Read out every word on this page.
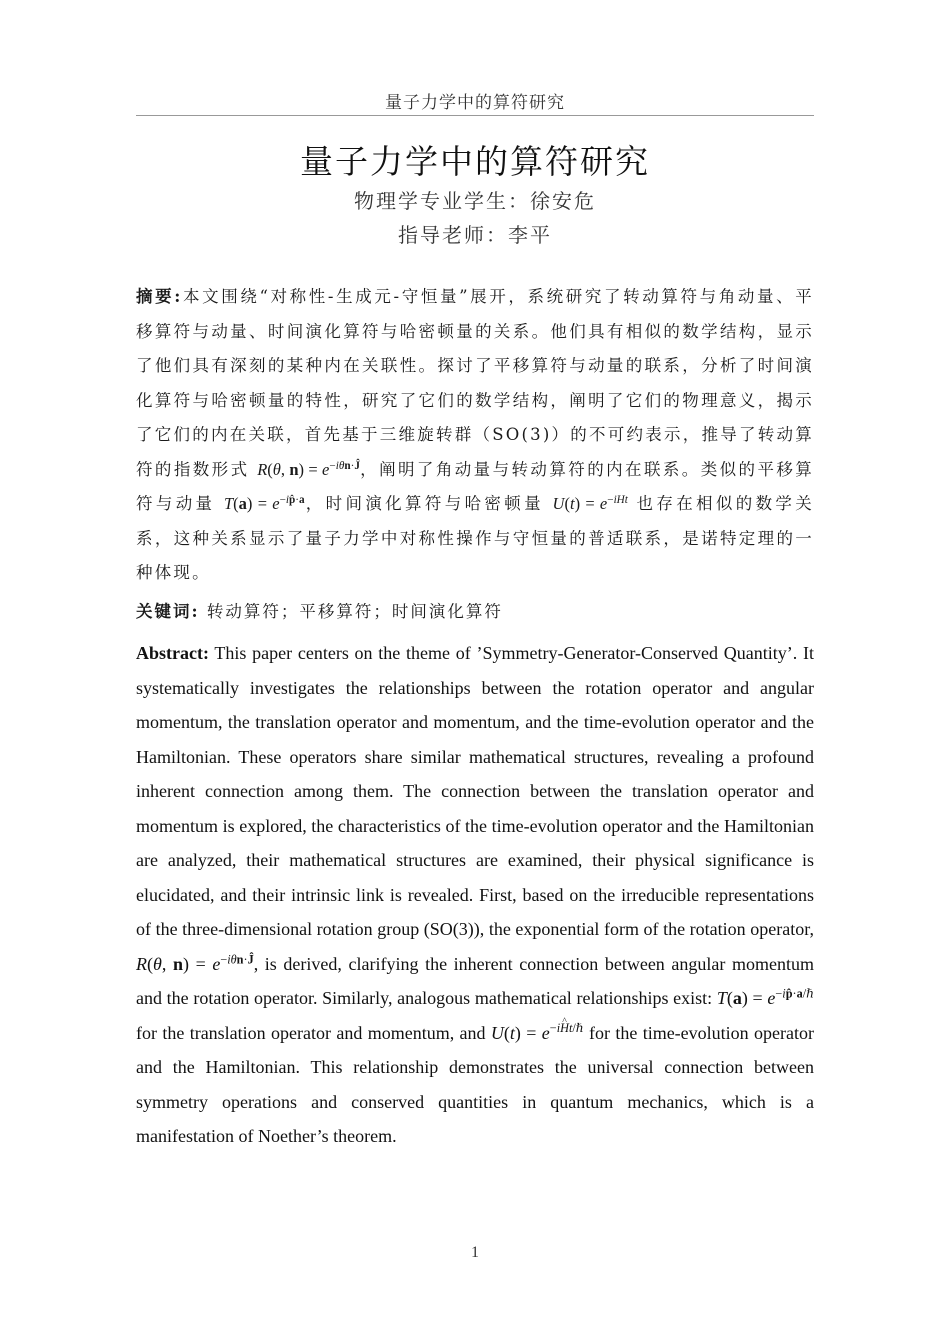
量子力学中的算符研究
量子力学中的算符研究
物理学专业学生：徐安危
指导老师：李平
摘要:本文围绕“对称性-生成元-守恒量”展开，系统研究了转动算符与角动量、平移算符与动量、时间演化算符与哈密顿量的关系。他们具有相似的数学结构，显示了他们具有深刻的某种内在关联性。探讨了平移算符与动量的联系，分析了时间演化算符与哈密顿量的特性，研究了它们的数学结构，阐明了它们的物理意义，揭示了它们的内在关联，首先基于三维旋转群（SO(3)）的不可约表示，推导了转动算符的指数形式 R(θ, $n) = e^{-i\theta n\cdot Ĵ}$，阐明了角动量与转动算符的内在联系。类似的平移算符与动量 $T(a) = e^{-ip̂\cdot a}$，时间演化算符与哈密顿量 $U(t) = e^{-iHt}$ 也存在相似的数学关系，这种关系显示了量子力学中对称性操作与守恒量的普适联系，是诺特定理的一种体现。
关键词: 转动算符；平移算符；时间演化算符
Abstract: This paper centers on the theme of ’Symmetry-Generator-Conserved Quantity’. It systematically investigates the relationships between the rotation operator and angular momentum, the translation operator and momentum, and the time-evolution operator and the Hamiltonian. These operators share similar mathematical structures, revealing a profound inherent connection among them. The connection between the translation operator and momentum is explored, the characteristics of the time-evolution operator and the Hamiltonian are analyzed, their mathematical structures are examined, their physical significance is elucidated, and their intrinsic link is revealed. First, based on the irreducible representations of the three-dimensional rotation group (SO(3)), the exponential form of the rotation operator, R(θ, $n) = e^{-i\theta n\cdot Ĵ}$, is derived, clarifying the inherent connection between angular momentum and the rotation operator. Similarly, analogous mathematical relationships exist: $T(a) = e^{-ip̂\cdot a/\hbar}$ for the translation operator and momentum, and $U(t) = e^{-iHt/\hbar}$ for the time-evolution operator and the Hamiltonian. This relationship demonstrates the universal connection between symmetry operations and conserved quantities in quantum mechanics, which is a manifestation of Noether’s theorem.
1
